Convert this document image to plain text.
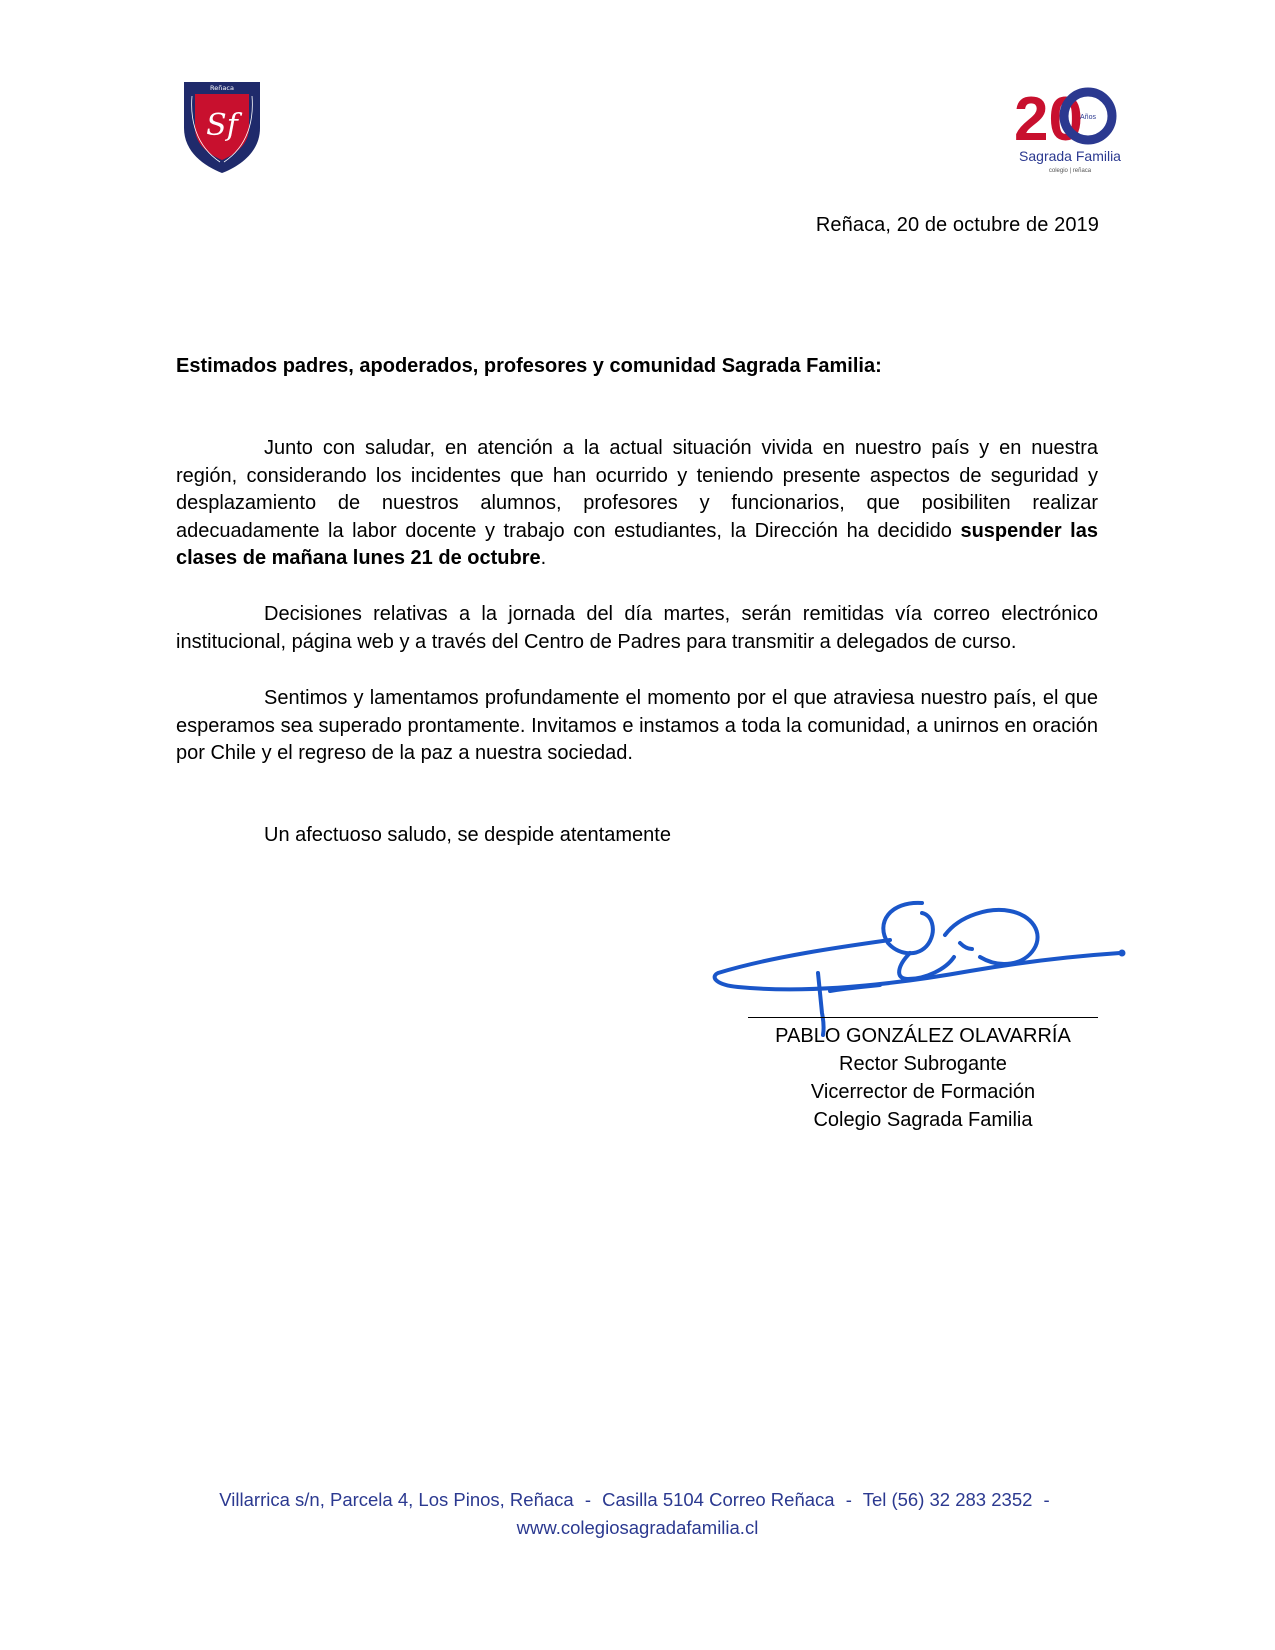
Reñaca
Sf	20
Años
Sagrada Familia
colegio | reñaca
Reñaca, 20 de octubre de 2019
Estimados padres, apoderados, profesores y comunidad Sagrada Familia:
Junto con saludar, en atención a la actual situación vivida en nuestro país y en nuestra región, considerando los incidentes que han ocurrido y teniendo presente aspectos de seguridad y desplazamiento de nuestros alumnos, profesores y funcionarios, que posibiliten realizar adecuadamente la labor docente y trabajo con estudiantes, la Dirección ha decidido suspender las clases de mañana lunes 21 de octubre.
Decisiones relativas a la jornada del día martes, serán remitidas vía correo electrónico institucional, página web y a través del Centro de Padres para transmitir a delegados de curso.
Sentimos y lamentamos profundamente el momento por el que atraviesa nuestro país, el que esperamos sea superado prontamente. Invitamos e instamos a toda la comunidad, a unirnos en oración por Chile y el regreso de la paz a nuestra sociedad.
Un afectuoso saludo, se despide atentamente
PABLO GONZÁLEZ OLAVARRÍA
Rector Subrogante
Vicerrector de Formación
Colegio Sagrada Familia
Villarrica s/n, Parcela 4, Los Pinos, Reñaca - Casilla 5104 Correo Reñaca - Tel (56) 32 283 2352 -
www.colegiosagradafamilia.cl
